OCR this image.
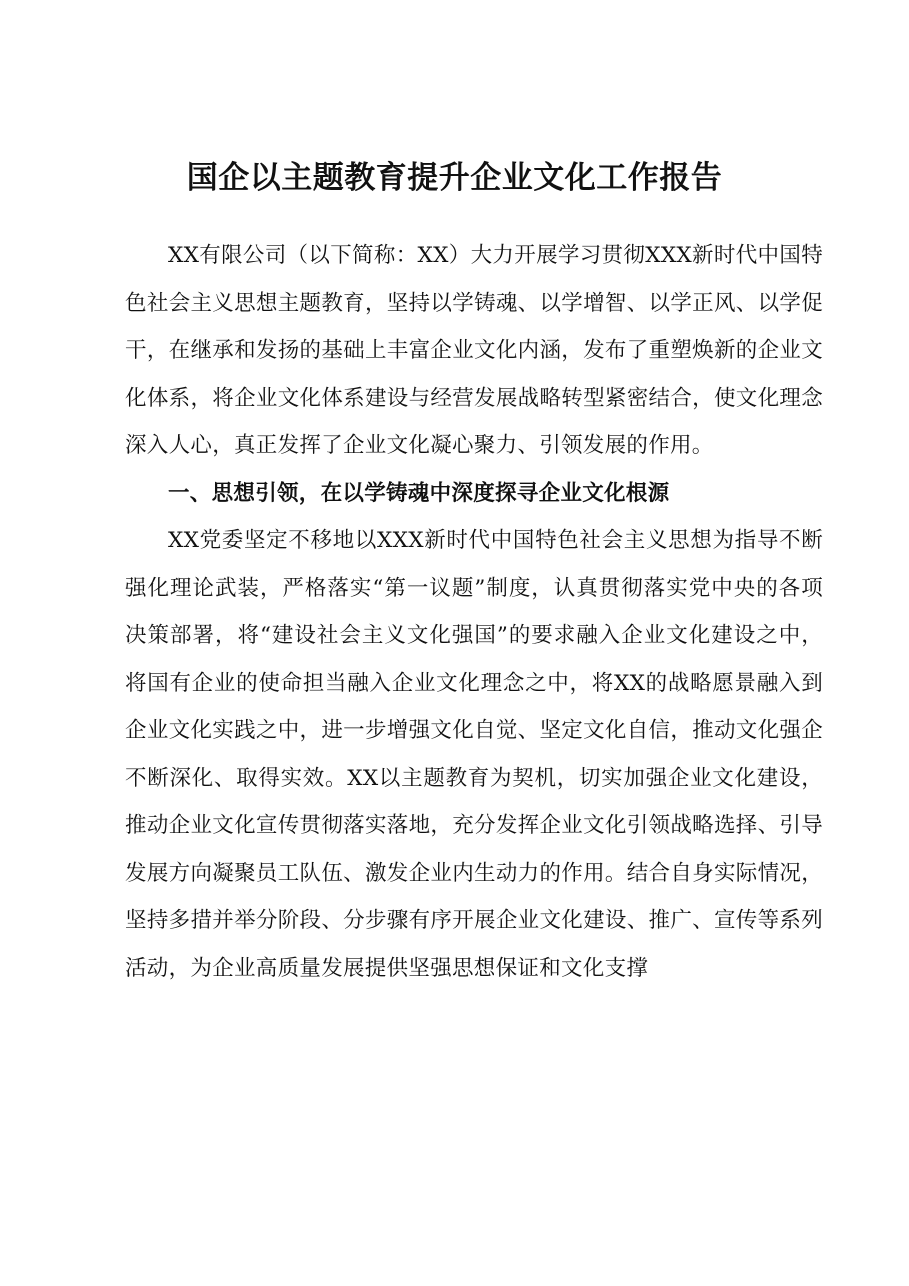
国企以主题教育提升企业文化工作报告

XX有限公司（以下简称：XX）大力开展学习贯彻XXX新时代中国特色社会主义思想主题教育，坚持以学铸魂、以学增智、以学正风、以学促干，在继承和发扬的基础上丰富企业文化内涵，发布了重塑焕新的企业文化体系，将企业文化体系建设与经营发展战略转型紧密结合，使文化理念深入人心，真正发挥了企业文化凝心聚力、引领发展的作用。

一、思想引领，在以学铸魂中深度探寻企业文化根源

XX党委坚定不移地以XXX新时代中国特色社会主义思想为指导不断强化理论武装，严格落实“第一议题”制度，认真贯彻落实党中央的各项决策部署，将“建设社会主义文化强国”的要求融入企业文化建设之中，将国有企业的使命担当融入企业文化理念之中，将XX的战略愿景融入到企业文化实践之中，进一步增强文化自觉、坚定文化自信，推动文化强企不断深化、取得实效。XX以主题教育为契机，切实加强企业文化建设，推动企业文化宣传贯彻落实落地，充分发挥企业文化引领战略选择、引导发展方向凝聚员工队伍、激发企业内生动力的作用。结合自身实际情况，坚持多措并举分阶段、分步骤有序开展企业文化建设、推广、宣传等系列活动，为企业高质量发展提供坚强思想保证和文化支撑
